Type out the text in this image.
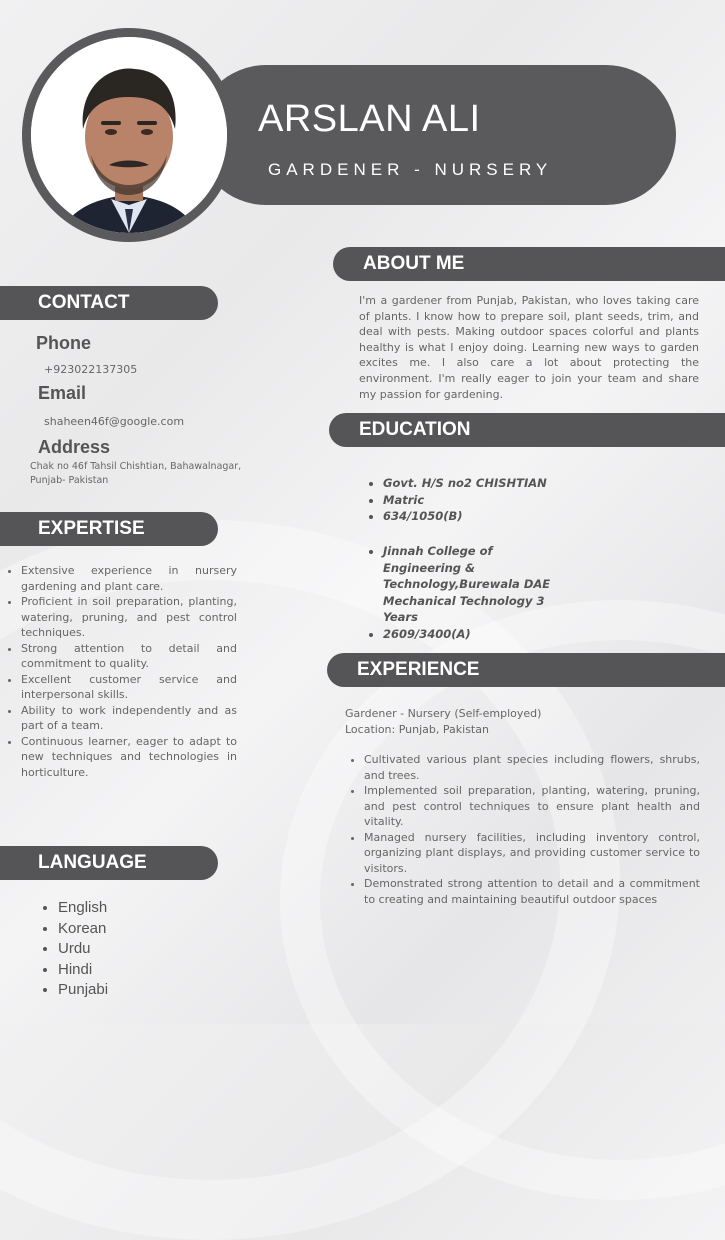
ARSLAN ALI
GARDENER - NURSERY
CONTACT
Phone
+923022137305
Email
shaheen46f@google.com
Address
Chak no 46f Tahsil Chishtian, Bahawalnagar,
Punjab- Pakistan
EXPERTISE
• Extensive experience in nursery gardening and plant care.
• Proficient in soil preparation, planting, watering, pruning, and pest control techniques.
• Strong attention to detail and commitment to quality.
• Excellent customer service and interpersonal skills.
• Ability to work independently and as part of a team.
• Continuous learner, eager to adapt to new techniques and technologies in horticulture.
LANGUAGE
• English
• Korean
• Urdu
• Hindi
• Punjabi
ABOUT ME
I'm a gardener from Punjab, Pakistan, who loves taking care of plants. I know how to prepare soil, plant seeds, trim, and deal with pests. Making outdoor spaces colorful and plants healthy is what I enjoy doing. Learning new ways to garden excites me. I also care a lot about protecting the environment. I'm really eager to join your team and share my passion for gardening.
EDUCATION
• Govt. H/S no2 CHISHTIAN
• Matric
• 634/1050(B)
• Jinnah College of Engineering & Technology,Burewala DAE Mechanical Technology 3 Years
• 2609/3400(A)
EXPERIENCE
Gardener - Nursery (Self-employed)
Location: Punjab, Pakistan
• Cultivated various plant species including flowers, shrubs, and trees.
• Implemented soil preparation, planting, watering, pruning, and pest control techniques to ensure plant health and vitality.
• Managed nursery facilities, including inventory control, organizing plant displays, and providing customer service to visitors.
• Demonstrated strong attention to detail and a commitment to creating and maintaining beautiful outdoor spaces
